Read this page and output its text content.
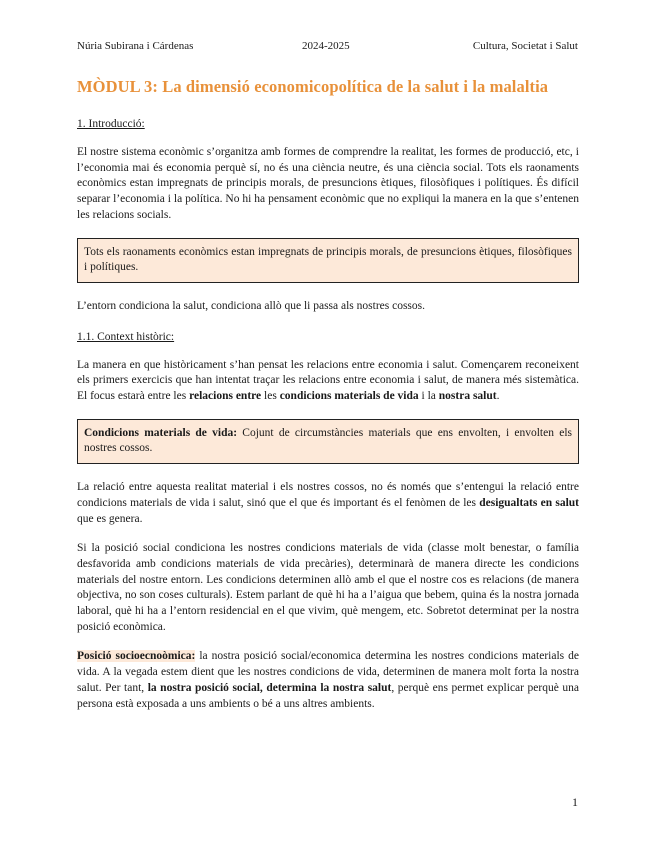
Núria Subirana i Cárdenas	2024-2025	Cultura, Societat i Salut
MÒDUL 3: La dimensió economicopolítica de la salut i la malaltia
1. Introducció:

El nostre sistema econòmic s’organitza amb formes de comprendre la realitat, les formes de producció, etc, i l’economia mai és economia perquè sí, no és una ciència neutre, és una ciència social. Tots els raonaments econòmics estan impregnats de principis morals, de presuncions ètiques, filosòfiques i polítiques. És difícil separar l’economia i la política. No hi ha pensament econòmic que no expliqui la manera en la que s’entenen les relacions socials.

Tots els raonaments econòmics estan impregnats de principis morals, de presuncions ètiques, filosòfiques i polítiques.

L’entorn condiciona la salut, condiciona allò que li passa als nostres cossos.

1.1. Context històric:

La manera en que històricament s’han pensat les relacions entre economia i salut. Començarem reconeixent els primers exercicis que han intentat traçar les relacions entre economia i salut, de manera més sistemàtica. El focus estarà entre les relacions entre les condicions materials de vida i la nostra salut.

Condicions materials de vida: Cojunt de circumstàncies materials que ens envolten, i envolten els nostres cossos.

La relació entre aquesta realitat material i els nostres cossos, no és només que s’entengui la relació entre condicions materials de vida i salut, sinó que el que és important és el fenòmen de les desigualtats en salut que es genera.

Si la posició social condiciona les nostres condicions materials de vida (classe molt benestar, o família desfavorida amb condicions materials de vida precàries), determinarà de manera directe les condicions materials del nostre entorn. Les condicions determinen allò amb el que el nostre cos es relacions (de manera objectiva, no son coses culturals). Estem parlant de què hi ha a l’aigua que bebem, quina és la nostra jornada laboral, què hi ha a l’entorn residencial en el que vivim, què mengem, etc. Sobretot determinat per la nostra posició econòmica.

Posició socioecnoòmica: la nostra posició social/economica determina les nostres condicions materials de vida. A la vegada estem dient que les nostres condicions de vida, determinen de manera molt forta la nostra salut. Per tant, la nostra posició social, determina la nostra salut, perquè ens permet explicar perquè una persona està exposada a uns ambients o bé a uns altres ambients.

1
